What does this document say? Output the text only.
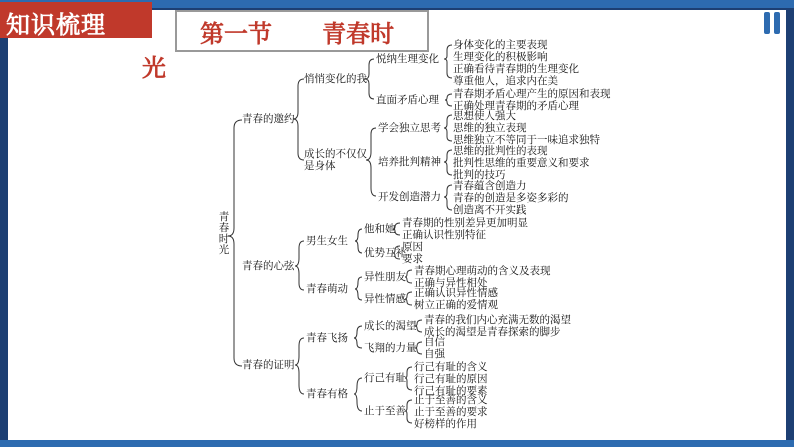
知识梳理	第一节      青春时
光
青春时光
青春的邀约
悄悄变化的我
悦纳生理变化
身体变化的主要表现
生理变化的积极影响
正确看待青春期的生理变化
尊重他人，追求内在美
直面矛盾心理 青春期矛盾心理产生的原因和表现
正确处理青春期的矛盾心理
成长的不仅仅
是身体
学会独立思考
思想使人强大
思维的独立表现
思维独立不等同于一味追求独特
培养批判精神
思维的批判性的表现
批判性思维的重要意义和要求
批判的技巧
开发创造潜力
青春蕴含创造力
青春的创造是多姿多彩的
创造离不开实践
青春的心弦
男生女生
他和她 青春期的性别差异更加明显
正确认识性别特征
优势互补
原因
要求
青春萌动
异性朋友 青春期心理萌动的含义及表现
正确与异性相处
异性情感 正确认识异性情感
树立正确的爱情观
青春的证明
青春飞扬
成长的渴望 青春的我们内心充满无数的渴望
成长的渴望是青春探索的脚步
飞翔的力量 自信
自强
青春有格
行己有耻
行己有耻的含义
行己有耻的原因
行己有耻的要素
止于至善
止于至善的含义
止于至善的要求
好榜样的作用
